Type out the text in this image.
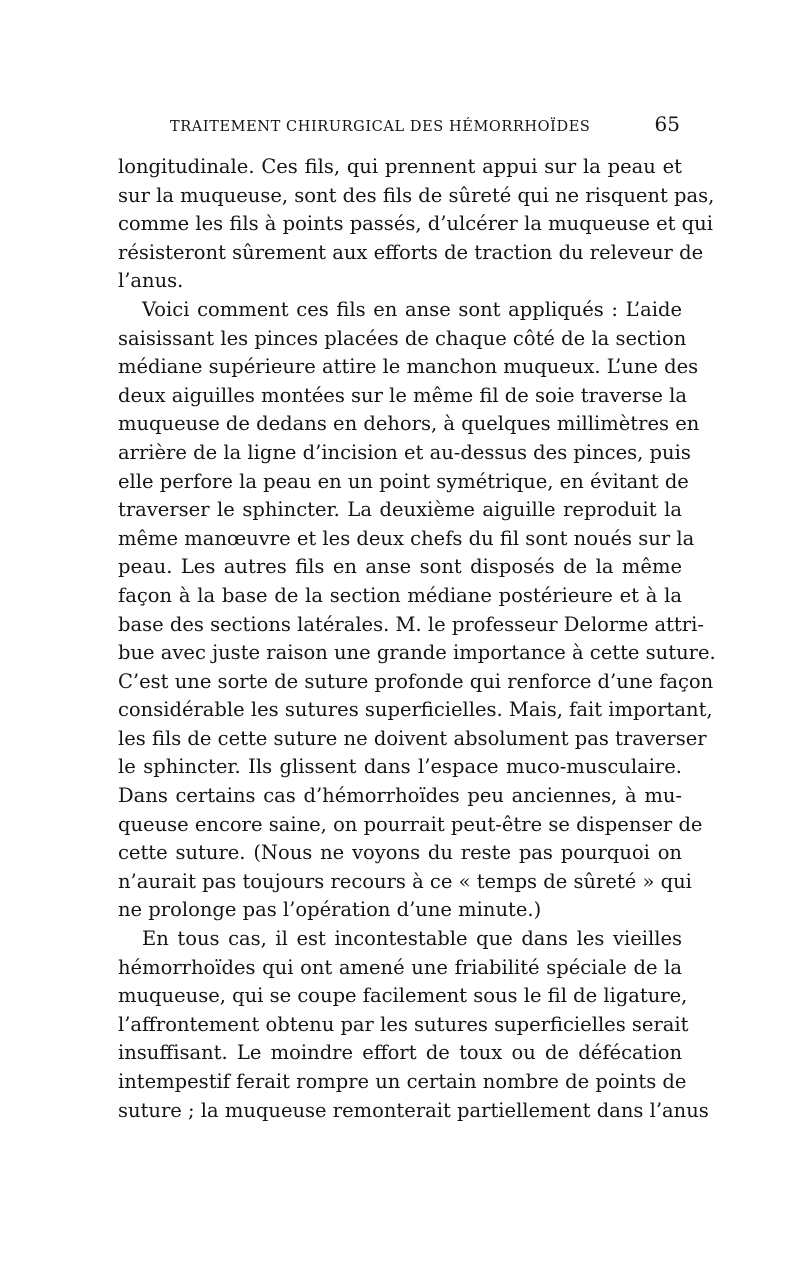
TRAITEMENT CHIRURGICAL DES HÉMORRHOÏDES	65
longitudinale. Ces fils, qui prennent appui sur la peau et
sur la muqueuse, sont des fils de sûreté qui ne risquent pas,
comme les fils à points passés, d’ulcérer la muqueuse et qui
résisteront sûrement aux efforts de traction du releveur de
l’anus.
Voici comment ces fils en anse sont appliqués : L’aide
saisissant les pinces placées de chaque côté de la section
médiane supérieure attire le manchon muqueux. L’une des
deux aiguilles montées sur le même fil de soie traverse la
muqueuse de dedans en dehors, à quelques millimètres en
arrière de la ligne d’incision et au-dessus des pinces, puis
elle perfore la peau en un point symétrique, en évitant de
traverser le sphincter. La deuxième aiguille reproduit la
même manœuvre et les deux chefs du fil sont noués sur la
peau. Les autres fils en anse sont disposés de la même
façon à la base de la section médiane postérieure et à la
base des sections latérales. M. le professeur Delorme attri-
bue avec juste raison une grande importance à cette suture.
C’est une sorte de suture profonde qui renforce d’une façon
considérable les sutures superficielles. Mais, fait important,
les fils de cette suture ne doivent absolument pas traverser
le sphincter. Ils glissent dans l’espace muco-musculaire.
Dans certains cas d’hémorrhoïdes peu anciennes, à mu-
queuse encore saine, on pourrait peut-être se dispenser de
cette suture. (Nous ne voyons du reste pas pourquoi on
n’aurait pas toujours recours à ce « temps de sûreté » qui
ne prolonge pas l’opération d’une minute.)
En tous cas, il est incontestable que dans les vieilles
hémorrhoïdes qui ont amené une friabilité spéciale de la
muqueuse, qui se coupe facilement sous le fil de ligature,
l’affrontement obtenu par les sutures superficielles serait
insuffisant. Le moindre effort de toux ou de défécation
intempestif ferait rompre un certain nombre de points de
suture ; la muqueuse remonterait partiellement dans l’anus
